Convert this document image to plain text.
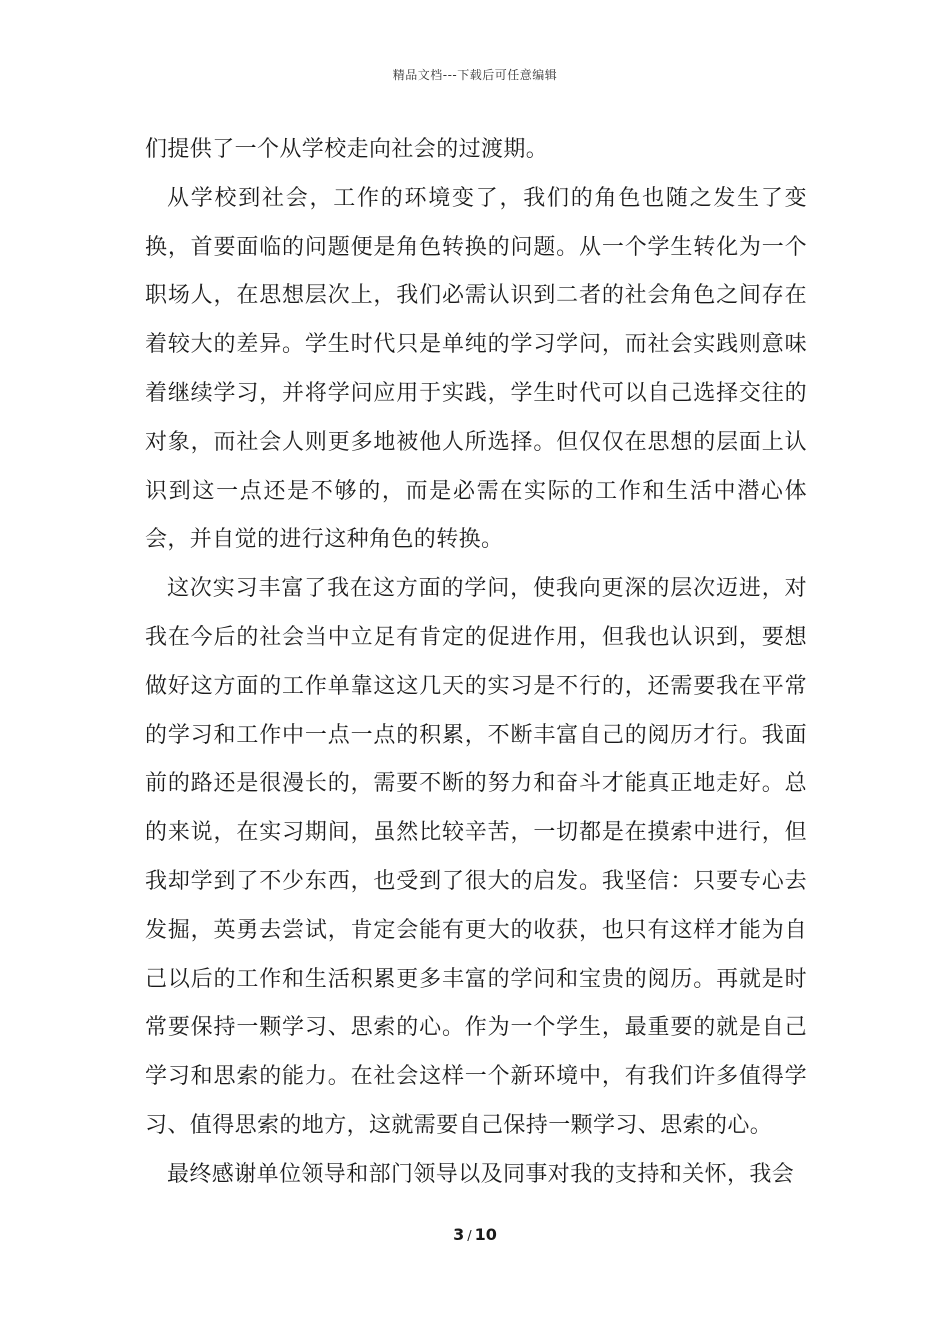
精品文档---下载后可任意编辑

们提供了一个从学校走向社会的过渡期。

从学校到社会，工作的环境变了，我们的角色也随之发生了变换，首要面临的问题便是角色转换的问题。从一个学生转化为一个职场人，在思想层次上，我们必需认识到二者的社会角色之间存在着较大的差异。学生时代只是单纯的学习学问，而社会实践则意味着继续学习，并将学问应用于实践，学生时代可以自己选择交往的对象，而社会人则更多地被他人所选择。但仅仅在思想的层面上认识到这一点还是不够的，而是必需在实际的工作和生活中潜心体会，并自觉的进行这种角色的转换。

这次实习丰富了我在这方面的学问，使我向更深的层次迈进，对我在今后的社会当中立足有肯定的促进作用，但我也认识到，要想做好这方面的工作单靠这这几天的实习是不行的，还需要我在平常的学习和工作中一点一点的积累，不断丰富自己的阅历才行。我面前的路还是很漫长的，需要不断的努力和奋斗才能真正地走好。总的来说，在实习期间，虽然比较辛苦，一切都是在摸索中进行，但我却学到了不少东西，也受到了很大的启发。我坚信：只要专心去发掘，英勇去尝试，肯定会能有更大的收获，也只有这样才能为自己以后的工作和生活积累更多丰富的学问和宝贵的阅历。再就是时常要保持一颗学习、思索的心。作为一个学生，最重要的就是自己学习和思索的能力。在社会这样一个新环境中，有我们许多值得学习、值得思索的地方，这就需要自己保持一颗学习、思索的心。

最终感谢单位领导和部门领导以及同事对我的支持和关怀，我会

3 / 10
